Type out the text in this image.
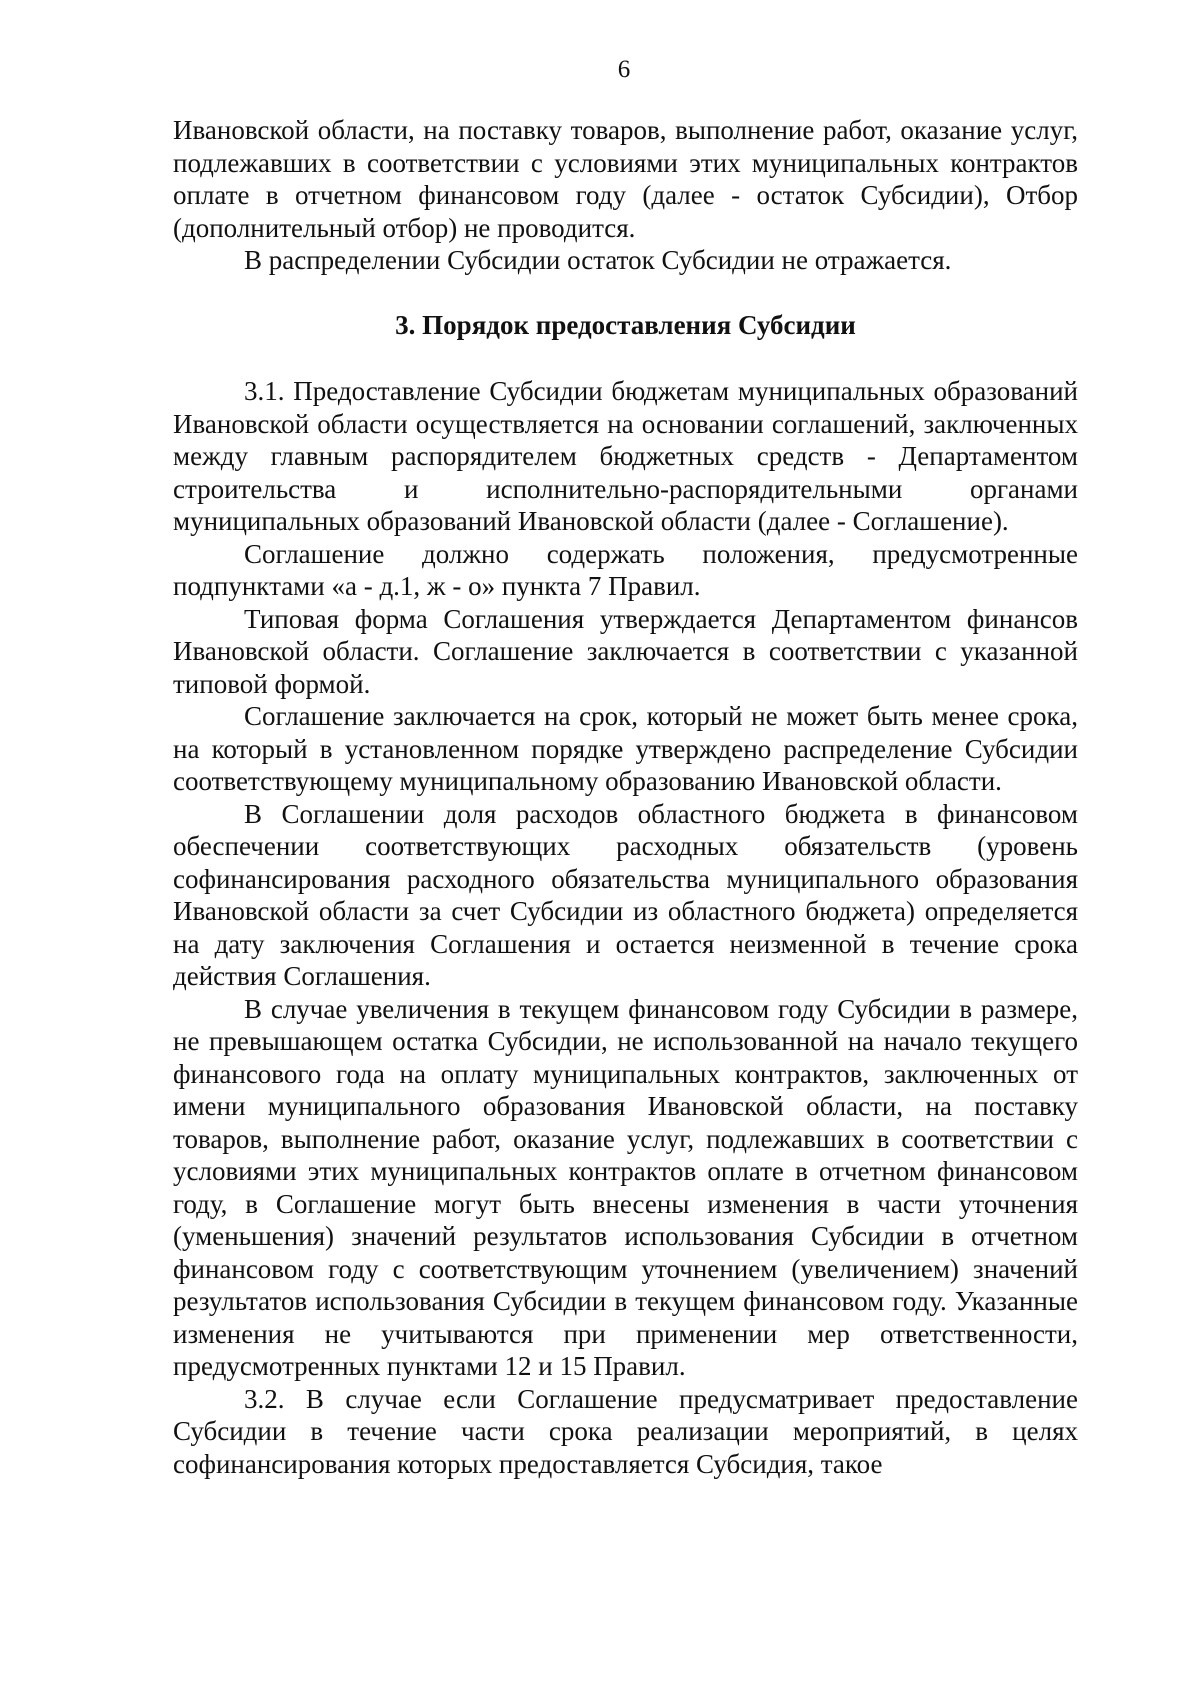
6

Ивановской области, на поставку товаров, выполнение работ, оказание услуг, подлежавших в соответствии с условиями этих муниципальных контрактов оплате в отчетном финансовом году (далее - остаток Субсидии), Отбор (дополнительный отбор) не проводится.

В распределении Субсидии остаток Субсидии не отражается.

3. Порядок предоставления Субсидии

3.1. Предоставление Субсидии бюджетам муниципальных образований Ивановской области осуществляется на основании соглашений, заключенных между главным распорядителем бюджетных средств - Департаментом строительства и исполнительно-распорядительными органами муниципальных образований Ивановской области (далее - Соглашение).

Соглашение должно содержать положения, предусмотренные подпунктами «а - д.1, ж - о» пункта 7 Правил.

Типовая форма Соглашения утверждается Департаментом финансов Ивановской области. Соглашение заключается в соответствии с указанной типовой формой.

Соглашение заключается на срок, который не может быть менее срока, на который в установленном порядке утверждено распределение Субсидии соответствующему муниципальному образованию Ивановской области.

В Соглашении доля расходов областного бюджета в финансовом обеспечении соответствующих расходных обязательств (уровень софинансирования расходного обязательства муниципального образования Ивановской области за счет Субсидии из областного бюджета) определяется на дату заключения Соглашения и остается неизменной в течение срока действия Соглашения.

В случае увеличения в текущем финансовом году Субсидии в размере, не превышающем остатка Субсидии, не использованной на начало текущего финансового года на оплату муниципальных контрактов, заключенных от имени муниципального образования Ивановской области, на поставку товаров, выполнение работ, оказание услуг, подлежавших в соответствии с условиями этих муниципальных контрактов оплате в отчетном финансовом году, в Соглашение могут быть внесены изменения в части уточнения (уменьшения) значений результатов использования Субсидии в отчетном финансовом году с соответствующим уточнением (увеличением) значений результатов использования Субсидии в текущем финансовом году. Указанные изменения не учитываются при применении мер ответственности, предусмотренных пунктами 12 и 15 Правил.

3.2. В случае если Соглашение предусматривает предоставление Субсидии в течение части срока реализации мероприятий, в целях софинансирования которых предоставляется Субсидия, такое
